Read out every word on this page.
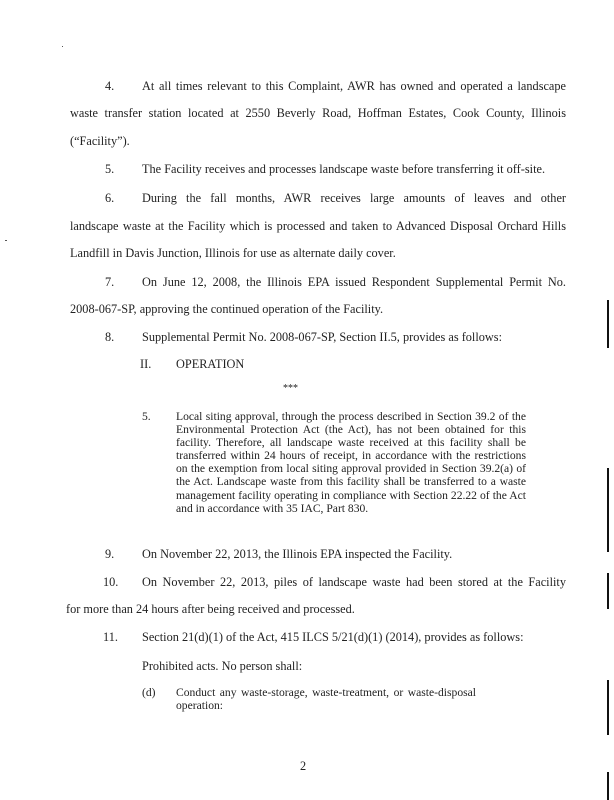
4. At all times relevant to this Complaint, AWR has owned and operated a landscape
waste transfer station located at 2550 Beverly Road, Hoffman Estates, Cook County, Illinois
(“Facility”).
5. The Facility receives and processes landscape waste before transferring it off-site.
6. During the fall months, AWR receives large amounts of leaves and other
landscape waste at the Facility which is processed and taken to Advanced Disposal Orchard Hills
Landfill in Davis Junction, Illinois for use as alternate daily cover.
7. On June 12, 2008, the Illinois EPA issued Respondent Supplemental Permit No.
2008-067-SP, approving the continued operation of the Facility.
8. Supplemental Permit No. 2008-067-SP, Section II.5, provides as follows:
II. OPERATION
***
5. Local siting approval, through the process described in Section 39.2 of the Environmental Protection Act (the Act), has not been obtained for this facility. Therefore, all landscape waste received at this facility shall be transferred within 24 hours of receipt, in accordance with the restrictions on the exemption from local siting approval provided in Section 39.2(a) of the Act. Landscape waste from this facility shall be transferred to a waste management facility operating in compliance with Section 22.22 of the Act and in accordance with 35 IAC, Part 830.
9. On November 22, 2013, the Illinois EPA inspected the Facility.
10. On November 22, 2013, piles of landscape waste had been stored at the Facility
for more than 24 hours after being received and processed.
11. Section 21(d)(1) of the Act, 415 ILCS 5/21(d)(1) (2014), provides as follows:
Prohibited acts. No person shall:
(d) Conduct any waste-storage, waste-treatment, or waste-disposal operation:
2
